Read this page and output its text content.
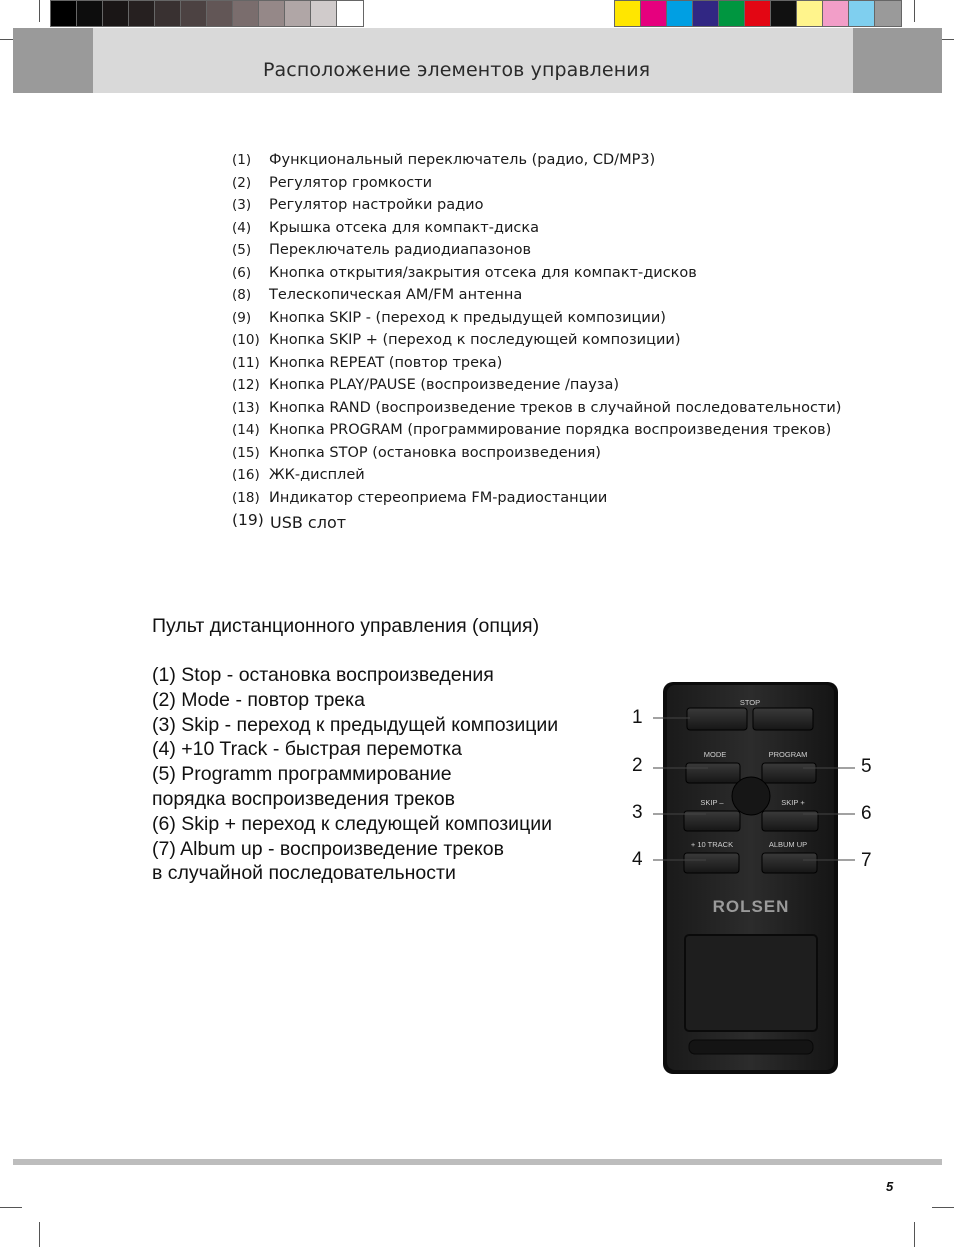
Расположение элементов управления
(1) Функциональный переключатель (радио, CD/MP3)
(2) Регулятор громкости
(3) Регулятор настройки радио
(4) Крышка отсека для компакт-диска
(5) Переключатель радиодиапазонов
(6) Кнопка открытия/закрытия отсека для компакт-дисков
(8) Телескопическая AM/FM антенна
(9) Кнопка SKIP - (переход к предыдущей композиции)
(10) Кнопка SKIP + (переход к последующей композиции)
(11) Кнопка REPEAT (повтор трека)
(12) Кнопка PLAY/PAUSE (воспроизведение /пауза)
(13) Кнопка RAND (воспроизведение треков в случайной последовательности)
(14) Кнопка PROGRAM (программирование порядка воспроизведения треков)
(15) Кнопка STOP (остановка воспроизведения)
(16) ЖК-дисплей
(18) Индикатор стереоприема FM-радиостанции
(19) USB слот
Пульт дистанционного управления (опция)
(1) Stop - остановка воспроизведения
(2) Mode - повтор трека
(3) Skip - переход к предыдущей композиции
(4) +10 Track - быстрая перемотка
(5) Programm программирование
порядка воспроизведения треков
(6) Skip + переход к следующей композиции
(7) Album up - воспроизведение треков
в случайной последовательности
STOP
MODE	PROGRAM
SKIP –	SKIP +
+ 10 TRACK	ALBUM UP
ROLSEN
1
2
3
4
5
6
7
5
